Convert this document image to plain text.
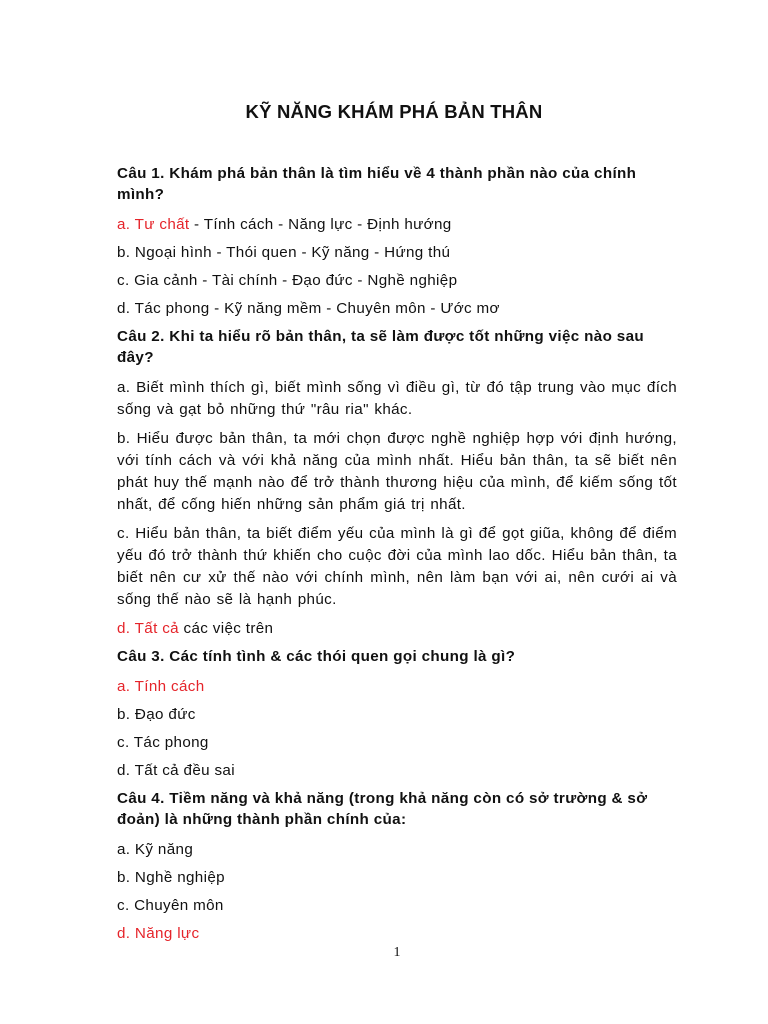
KỸ NĂNG KHÁM PHÁ BẢN THÂN
Câu 1. Khám phá bản thân là tìm hiểu về 4 thành phần nào của chính mình?
a. Tư chất - Tính cách - Năng lực - Định hướng
b. Ngoại hình - Thói quen - Kỹ năng - Hứng thú
c. Gia cảnh - Tài chính - Đạo đức - Nghề nghiệp
d. Tác phong - Kỹ năng mềm - Chuyên môn - Ước mơ
Câu 2. Khi ta hiểu rõ bản thân, ta sẽ làm được tốt những việc nào sau đây?
a. Biết mình thích gì, biết mình sống vì điều gì, từ đó tập trung vào mục đích sống và gạt bỏ những thứ "râu ria" khác.
b. Hiểu được bản thân, ta mới chọn được nghề nghiệp hợp với định hướng, với tính cách và với khả năng của mình nhất. Hiểu bản thân, ta sẽ biết nên phát huy thế mạnh nào để trở thành thương hiệu của mình, để kiếm sống tốt nhất, để cống hiến những sản phẩm giá trị nhất.
c. Hiểu bản thân, ta biết điểm yếu của mình là gì để gọt giũa, không để điểm yếu đó trở thành thứ khiến cho cuộc đời của mình lao dốc. Hiểu bản thân, ta biết nên cư xử thế nào với chính mình, nên làm bạn với ai, nên cưới ai và sống thế nào sẽ là hạnh phúc.
d. Tất cả các việc trên
Câu 3. Các tính tình & các thói quen gọi chung là gì?
a. Tính cách
b. Đạo đức
c. Tác phong
d. Tất cả đều sai
Câu 4. Tiềm năng và khả năng (trong khả năng còn có sở trường & sở đoản) là những thành phần chính của:
a. Kỹ năng
b. Nghề nghiệp
c. Chuyên môn
d. Năng lực
1
